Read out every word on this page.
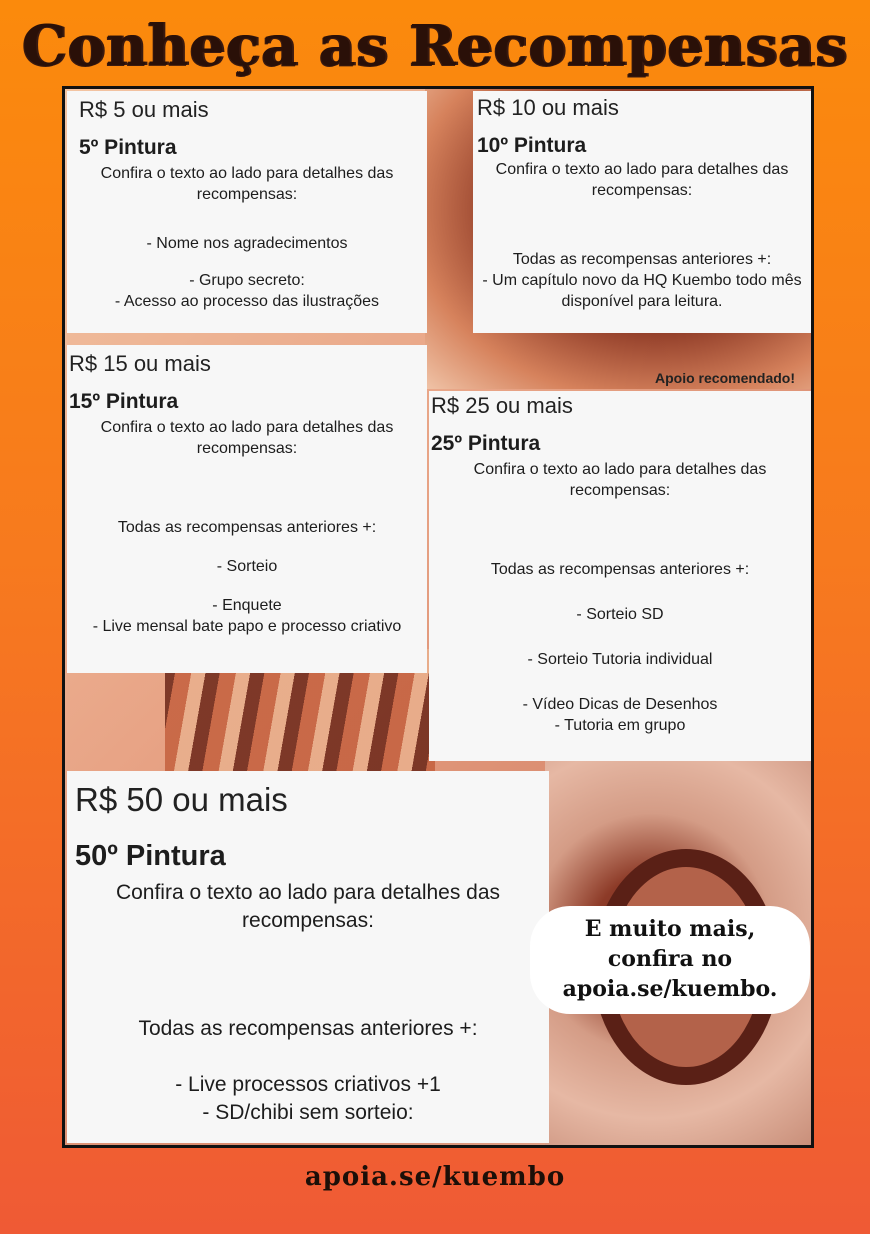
Conheça as Recompensas
R$ 5 ou mais
5º Pintura
Confira o texto ao lado para detalhes das recompensas:
- Nome nos agradecimentos
- Grupo secreto:
- Acesso ao processo das ilustrações
R$ 10 ou mais
10º Pintura
Confira o texto ao lado para detalhes das recompensas:
Todas as recompensas anteriores +:
- Um capítulo novo da HQ Kuembo todo mês disponível para leitura.
R$ 15 ou mais
15º Pintura
Confira o texto ao lado para detalhes das recompensas:
Todas as recompensas anteriores +:
- Sorteio
- Enquete
- Live mensal bate papo e processo criativo
Apoio recomendado!
R$ 25 ou mais
25º Pintura
Confira o texto ao lado para detalhes das recompensas:
Todas as recompensas anteriores +:
- Sorteio SD
- Sorteio Tutoria individual
- Vídeo Dicas de Desenhos
- Tutoria em grupo
R$ 50 ou mais
50º Pintura
Confira o texto ao lado para detalhes das recompensas:
Todas as recompensas anteriores +:
- Live processos criativos +1
- SD/chibi sem sorteio:
E muito mais,
confira no
apoia.se/kuembo.
apoia.se/kuembo
